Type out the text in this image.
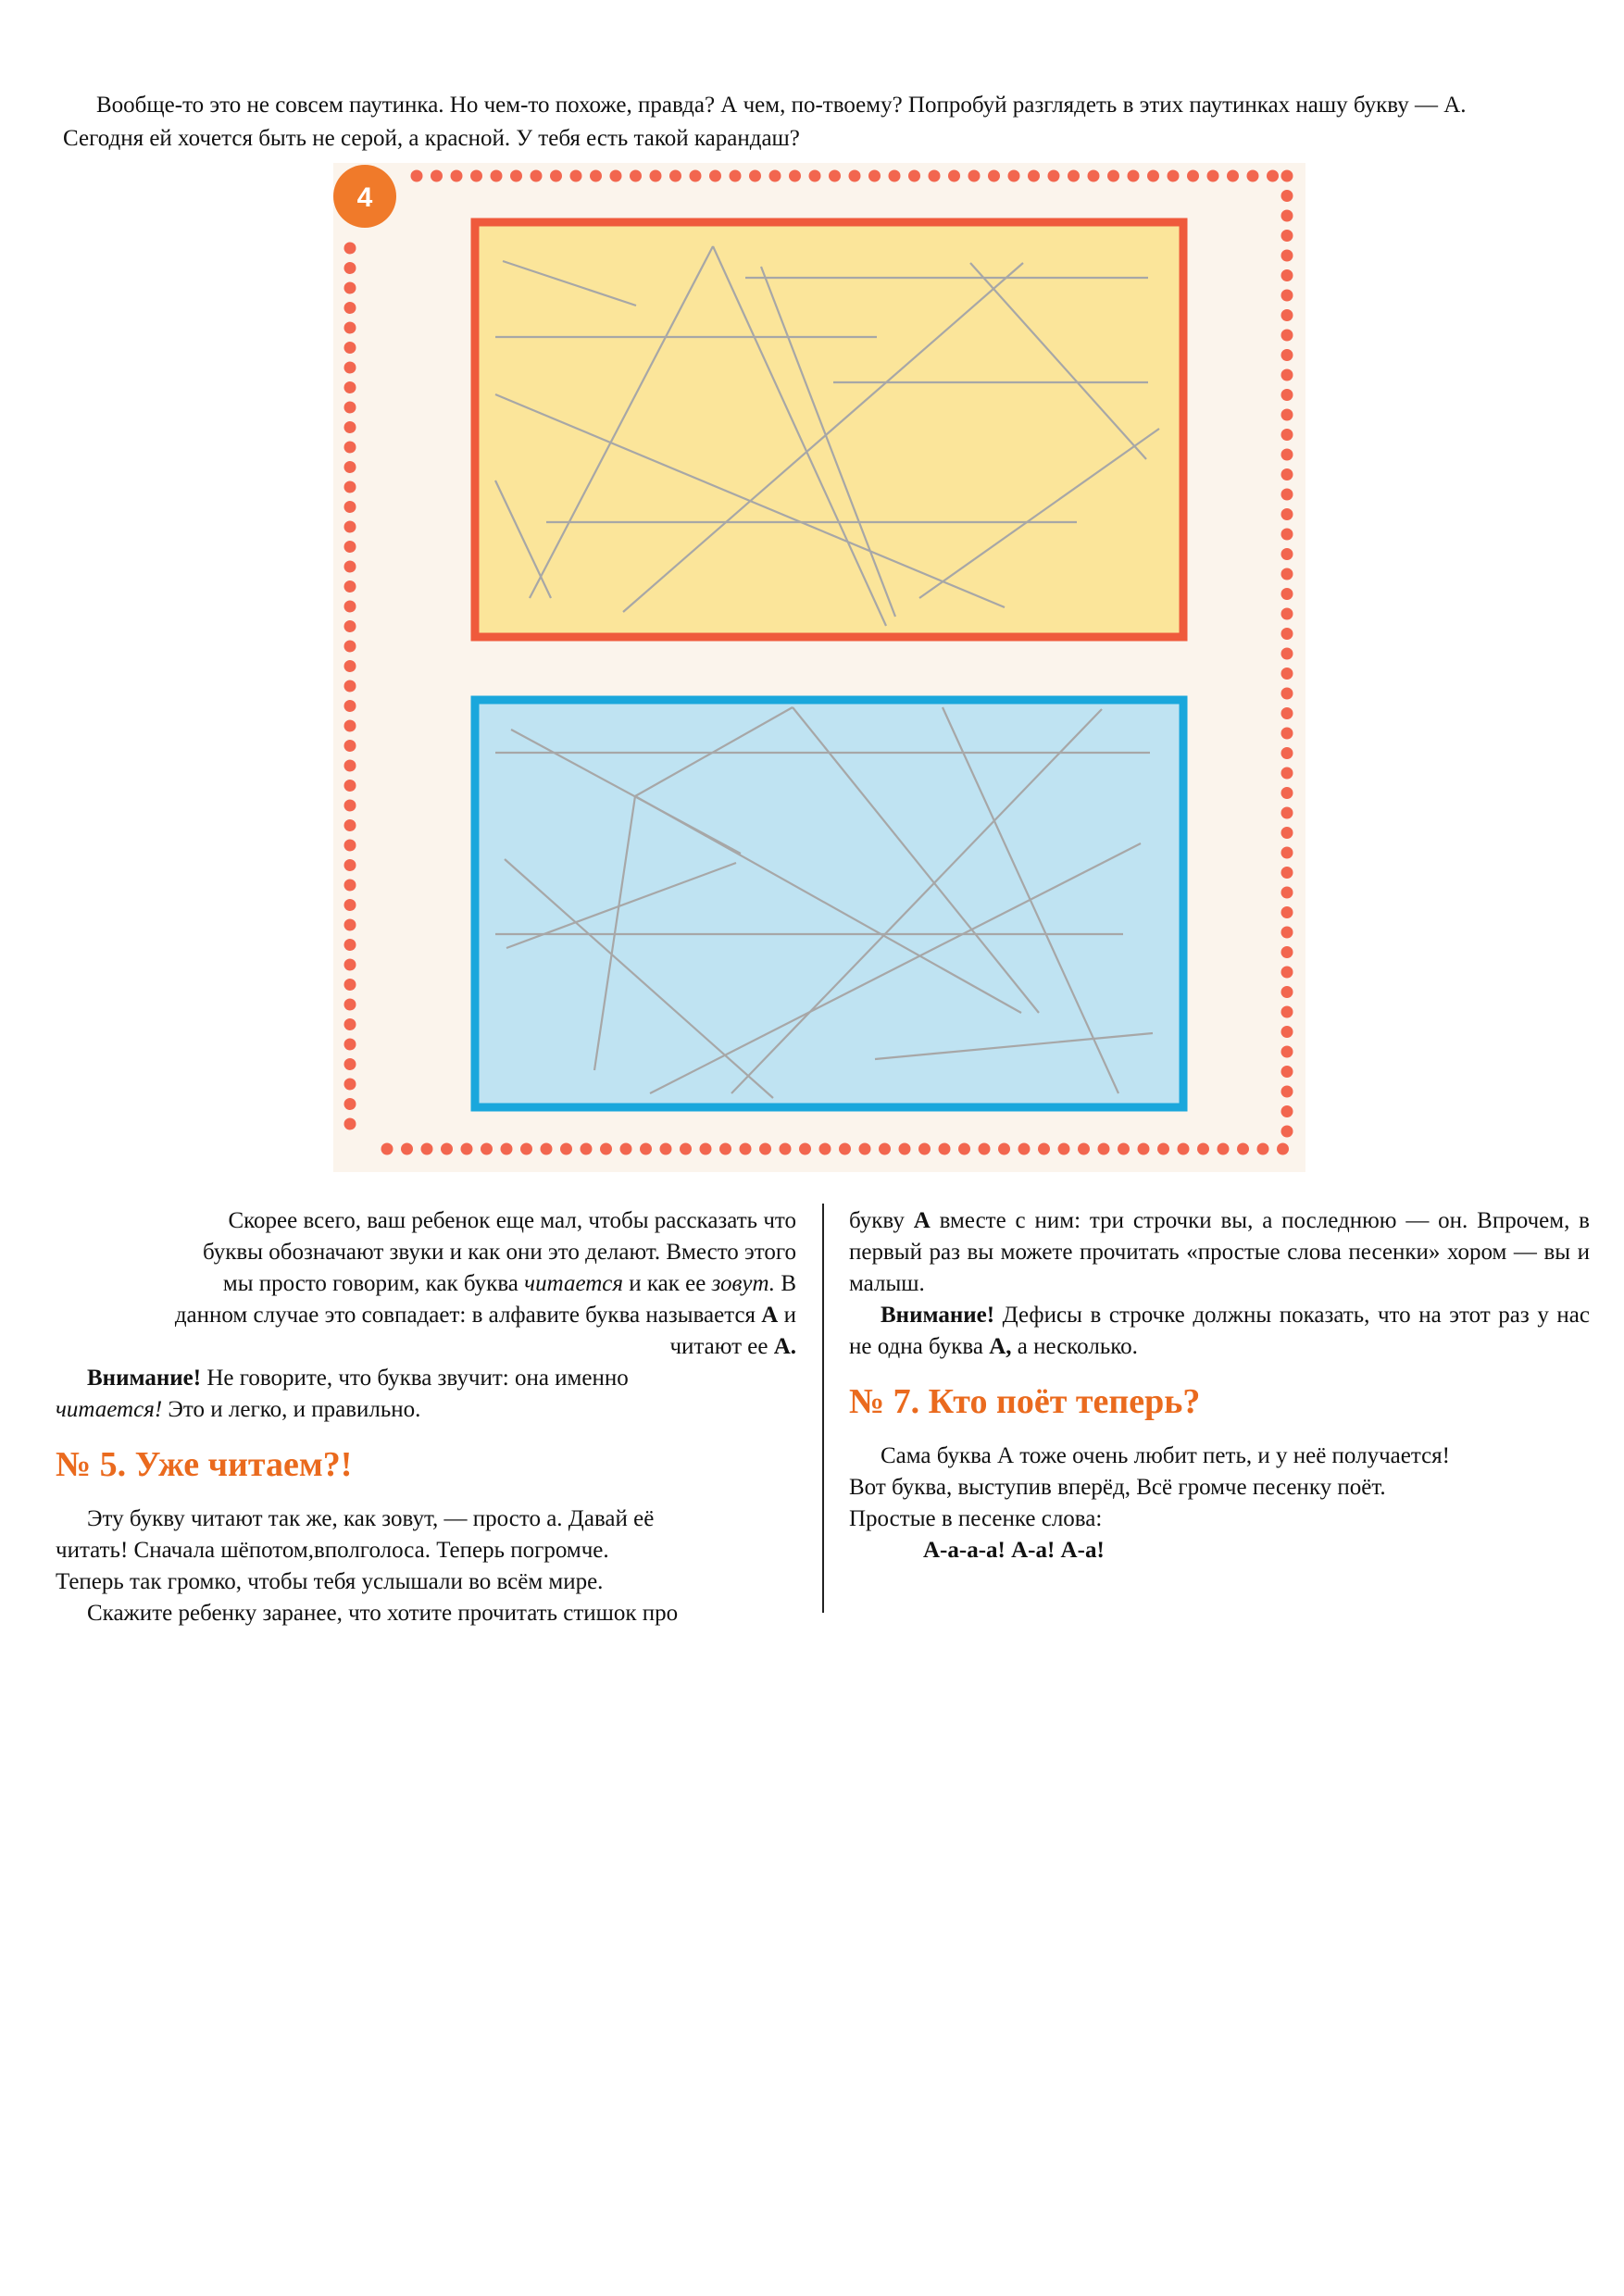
Вообще-то это не совсем паутинка. Но чем-то похоже, правда? А чем, по-твоему? Попробуй разглядеть в этих паутинках нашу букву — А. Сегодня ей хочется быть не серой, а красной. У тебя есть такой карандаш?

4

Скорее всего, ваш ребенок еще мал, чтобы рассказать что

буквы обозначают звуки и как они это делают. Вместо этого

мы просто говорим, как буква читается и как ее зовут. В

данном случае это совпадает: в алфавите буква называется А и

читают ее А.

Внимание! Не говорите, что буква звучит: она именно
читается! Это и легко, и правильно.

№ 5. Уже читаем?!

Эту букву читают так же, как зовут, — просто а. Давай её

читать! Сначала шёпотом,вполголоса. Теперь погромче.

Теперь так громко, чтобы тебя услышали во всём мире.

Скажите ребенку заранее, что хотите прочитать стишок про

букву А вместе с ним: три строчки вы, а последнюю — он. Впрочем, в первый раз вы можете прочитать «простые слова песенки» хором — вы и малыш.

Внимание! Дефисы в строчке должны показать, что на этот раз у нас не одна буква А, а несколько.

№ 7. Кто поёт теперь?

Сама буква А тоже очень любит петь, и у неё получается!

Вот буква, выступив вперёд, Всё громче песенку поёт.

Простые в песенке слова:

А-а-а-а! А-а! А-а!
